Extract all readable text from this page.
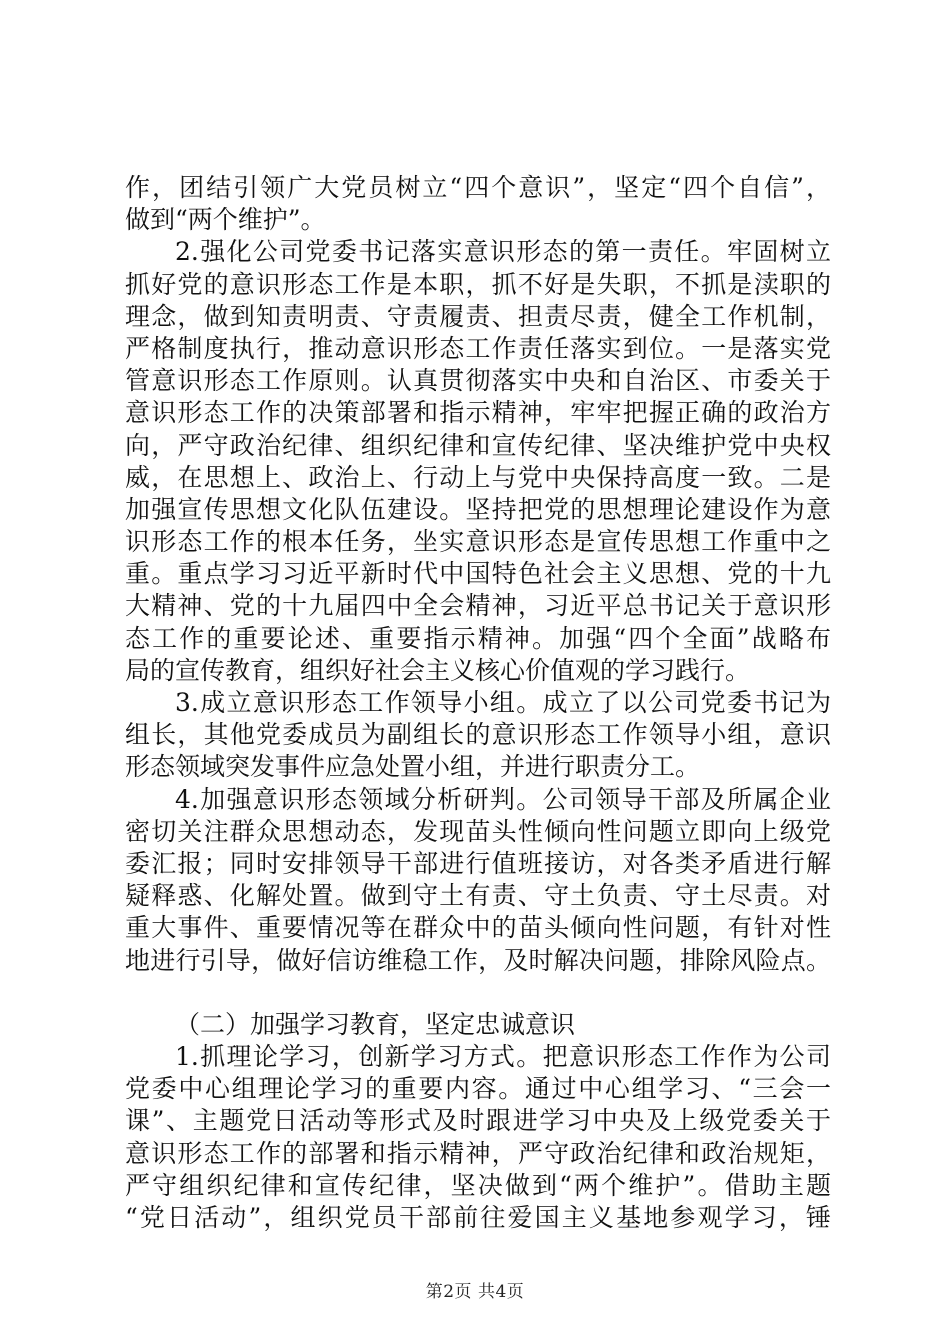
作，团结引领广大党员树立“四个意识”，坚定“四个自信”，
做到“两个维护”。
2.强化公司党委书记落实意识形态的第一责任。牢固树立
抓好党的意识形态工作是本职，抓不好是失职，不抓是渎职的
理念，做到知责明责、守责履责、担责尽责，健全工作机制，
严格制度执行，推动意识形态工作责任落实到位。一是落实党
管意识形态工作原则。认真贯彻落实中央和自治区、市委关于
意识形态工作的决策部署和指示精神，牢牢把握正确的政治方
向，严守政治纪律、组织纪律和宣传纪律、坚决维护党中央权
威，在思想上、政治上、行动上与党中央保持高度一致。二是
加强宣传思想文化队伍建设。坚持把党的思想理论建设作为意
识形态工作的根本任务，坐实意识形态是宣传思想工作重中之
重。重点学习习近平新时代中国特色社会主义思想、党的十九
大精神、党的十九届四中全会精神，习近平总书记关于意识形
态工作的重要论述、重要指示精神。加强“四个全面”战略布
局的宣传教育，组织好社会主义核心价值观的学习践行。
3.成立意识形态工作领导小组。成立了以公司党委书记为
组长，其他党委成员为副组长的意识形态工作领导小组，意识
形态领域突发事件应急处置小组，并进行职责分工。
4.加强意识形态领域分析研判。公司领导干部及所属企业
密切关注群众思想动态，发现苗头性倾向性问题立即向上级党
委汇报；同时安排领导干部进行值班接访，对各类矛盾进行解
疑释惑、化解处置。做到守土有责、守土负责、守土尽责。对
重大事件、重要情况等在群众中的苗头倾向性问题，有针对性
地进行引导，做好信访维稳工作，及时解决问题，排除风险点。
（二）加强学习教育，坚定忠诚意识
1.抓理论学习，创新学习方式。把意识形态工作作为公司
党委中心组理论学习的重要内容。通过中心组学习、“三会一
课”、主题党日活动等形式及时跟进学习中央及上级党委关于
意识形态工作的部署和指示精神，严守政治纪律和政治规矩，
严守组织纪律和宣传纪律，坚决做到“两个维护”。借助主题
“党日活动”，组织党员干部前往爱国主义基地参观学习，锤
第2页 共4页
